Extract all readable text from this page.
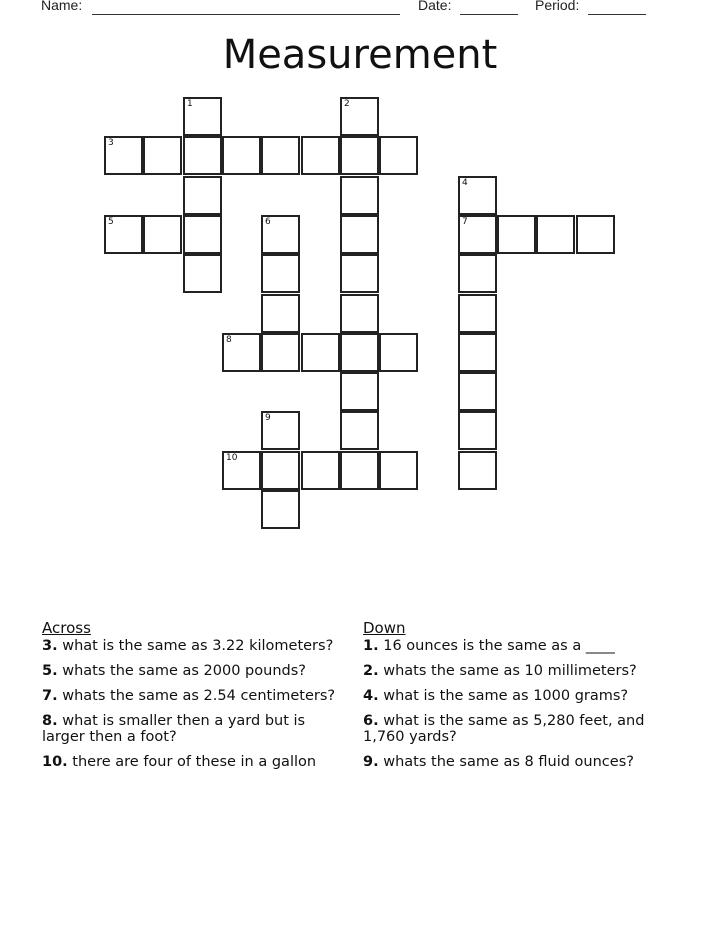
Name:	Date:	Period:
Measurement
1	2
3
4
7
5	6
8
9
10
Across
3. what is the same as 3.22 kilometers?
5. whats the same as 2000 pounds?
7. whats the same as 2.54 centimeters?
8. what is smaller then a yard but is larger then a foot?
10. there are four of these in a gallon
Down
1. 16 ounces is the same as a ____
2. whats the same as 10 millimeters?
4. what is the same as 1000 grams?
6. what is the same as 5,280 feet, and 1,760 yards?
9. whats the same as 8 fluid ounces?
